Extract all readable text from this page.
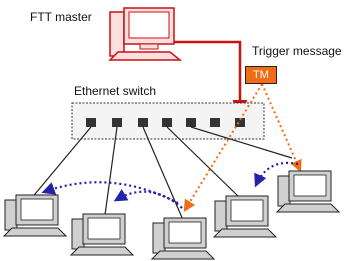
FTT master
Trigger message
Ethernet switch
TM
